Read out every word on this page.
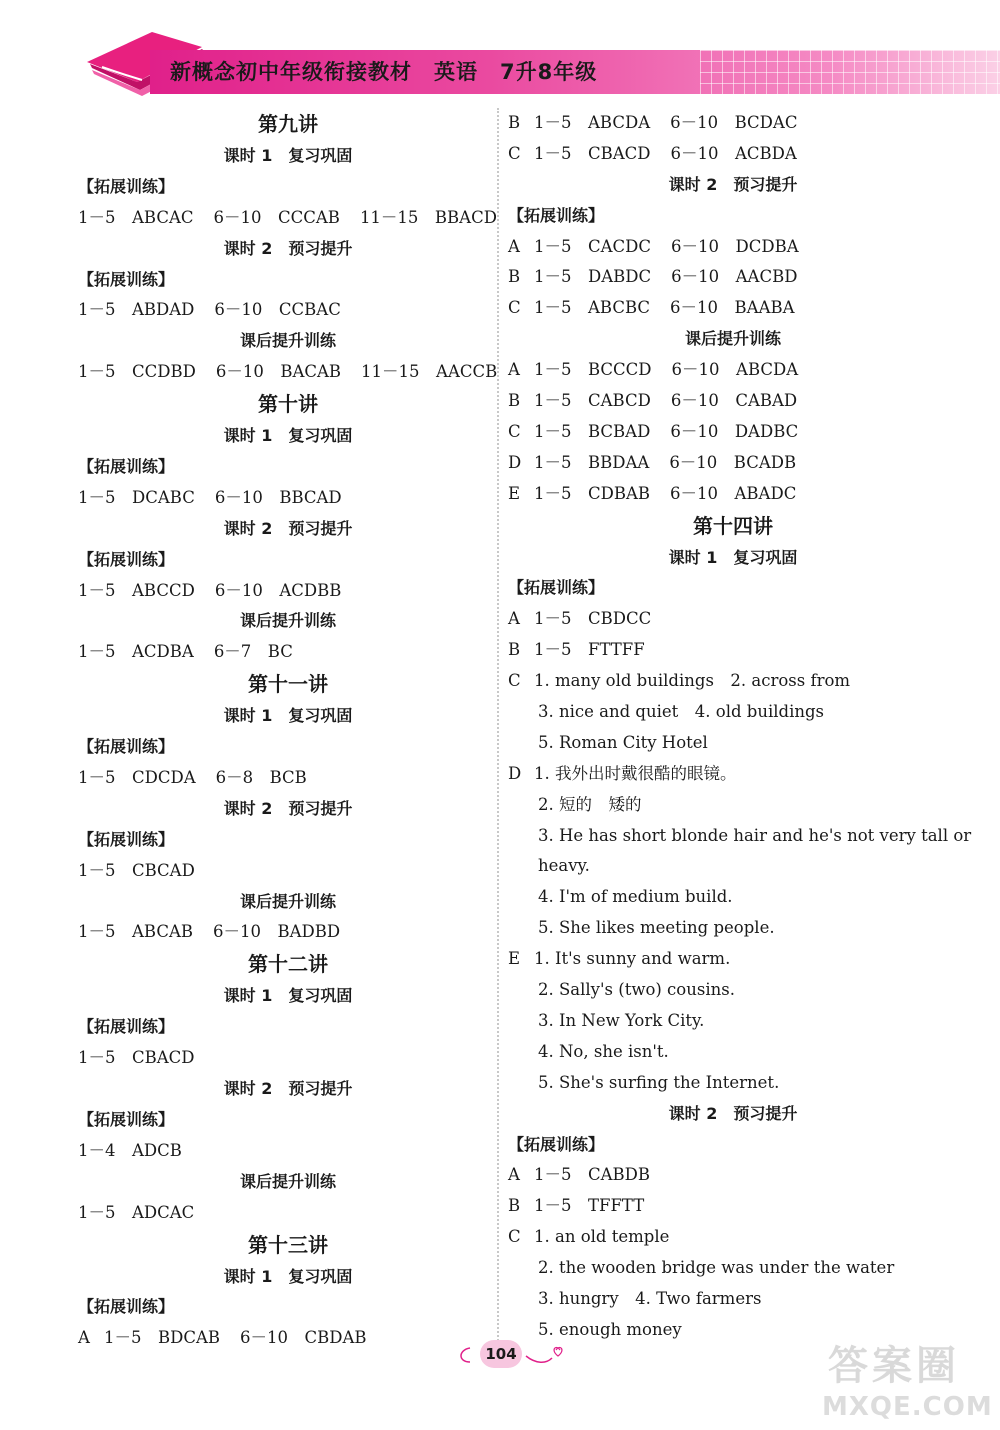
新概念初中年级衔接教材 英语 7升8年级
第九讲
课时 1　复习巩固
【拓展训练】
1－5　ABCAC 6－10　CCCAB 11－15　BBACD
课时 2　预习提升
【拓展训练】
1－5　ABDAD 6－10　CCBAC
课后提升训练
1－5　CCDBD 6－10　BACAB 11－15　AACCB
第十讲
课时 1　复习巩固
【拓展训练】
1－5　DCABC 6－10　BBCAD
课时 2　预习提升
【拓展训练】
1－5　ABCCD 6－10　ACDBB
课后提升训练
1－5　ACDBA 6－7　BC
第十一讲
课时 1　复习巩固
【拓展训练】
1－5　CDCDA 6－8　BCB
课时 2　预习提升
【拓展训练】
1－5　CBCAD
课后提升训练
1－5　ABCAB 6－10　BADBD
第十二讲
课时 1　复习巩固
【拓展训练】
1－5　CBACD
课时 2　预习提升
【拓展训练】
1－4　ADCB
课后提升训练
1－5　ADCAC
第十三讲
课时 1　复习巩固
【拓展训练】
A 1－5　BDCAB 6－10　CBDAB
B 1－5　ABCDA 6－10　BCDAC
C 1－5　CBACD 6－10　ACBDA
课时 2　预习提升
【拓展训练】
A 1－5　CACDC 6－10　DCDBA
B 1－5　DABDC 6－10　AACBD
C 1－5　ABCBC 6－10　BAABA
课后提升训练
A 1－5　BCCCD 6－10　ABCDA
B 1－5　CABCD 6－10　CABAD
C 1－5　BCBAD 6－10　DADBC
D 1－5　BBDAA 6－10　BCADB
E 1－5　CDBAB 6－10　ABADC
第十四讲
课时 1　复习巩固
【拓展训练】
A 1－5　CBDCC
B 1－5　FTTFF
C 1. many old buildings　2. across from
3. nice and quiet　4. old buildings
5. Roman City Hotel
D 1. 我外出时戴很酷的眼镜。
2. 短的　矮的
3. He has short blonde hair and he's not very tall or
heavy.
4. I'm of medium build.
5. She likes meeting people.
E 1. It's sunny and warm.
2. Sally's (two) cousins.
3. In New York City.
4. No, she isn't.
5. She's surfing the Internet.
课时 2　预习提升
【拓展训练】
A 1－5　CABDB
B 1－5　TFFTT
C 1. an old temple
2. the wooden bridge was under the water
3. hungry　4. Two farmers
5. enough money
104	答案圈
MXQE.COM
